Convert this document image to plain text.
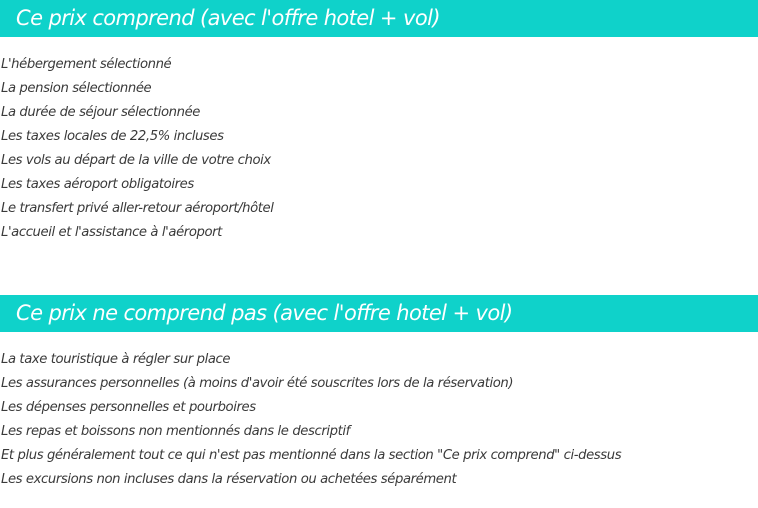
Ce prix comprend (avec l'offre hotel + vol)
L'hébergement sélectionné
La pension sélectionnée
La durée de séjour sélectionnée
Les taxes locales de 22,5% incluses
Les vols au départ de la ville de votre choix
Les taxes aéroport obligatoires
Le transfert privé aller-retour aéroport/hôtel
L'accueil et l'assistance à l'aéroport
Ce prix ne comprend pas (avec l'offre hotel + vol)
La taxe touristique à régler sur place
Les assurances personnelles (à moins d'avoir été souscrites lors de la réservation)
Les dépenses personnelles et pourboires
Les repas et boissons non mentionnés dans le descriptif
Et plus généralement tout ce qui n'est pas mentionné dans la section "Ce prix comprend" ci-dessus
Les excursions non incluses dans la réservation ou achetées séparément
